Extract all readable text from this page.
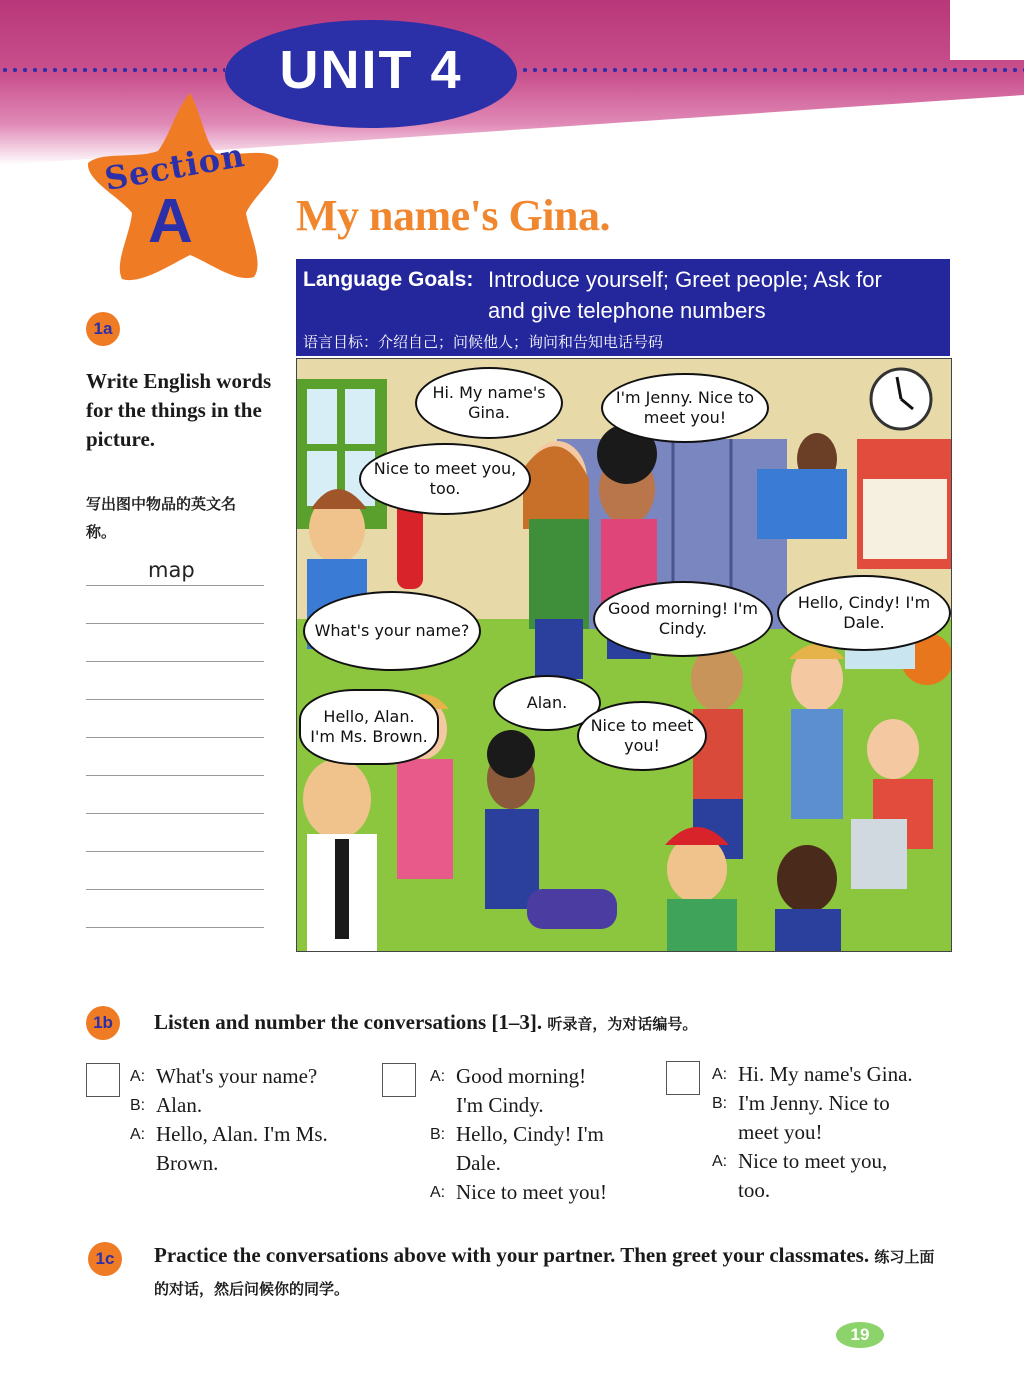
UNIT 4
Section
A My name's Gina.
Language Goals: Introduce yourself; Greet people; Ask for
and give telephone numbers
语言目标：介绍自己；问候他人；询问和告知电话号码
Hi. My name's Gina.
I'm Jenny. Nice to meet you!
Nice to meet you, too.
Good morning! I'm Cindy.
Hello, Cindy! I'm Dale.
What's your name?
Alan.
Nice to meet you!
Hello, Alan. I'm Ms. Brown.
1a
Write English words for the things in the picture.
写出图中物品的英文名称。
map
1b	Listen and number the conversations [1–3]. 听录音，为对话编号。
A: What's your name?
B: Alan.
A: Hello, Alan. I'm Ms.
Brown.
A: Good morning!
I'm Cindy.
B: Hello, Cindy! I'm
Dale.
A: Nice to meet you!
A: Hi. My name's Gina.
B: I'm Jenny. Nice to
meet you!
A: Nice to meet you,
too.
1c	Practice the conversations above with your partner. Then greet your classmates. 练习上面的对话，然后问候你的同学。
19
